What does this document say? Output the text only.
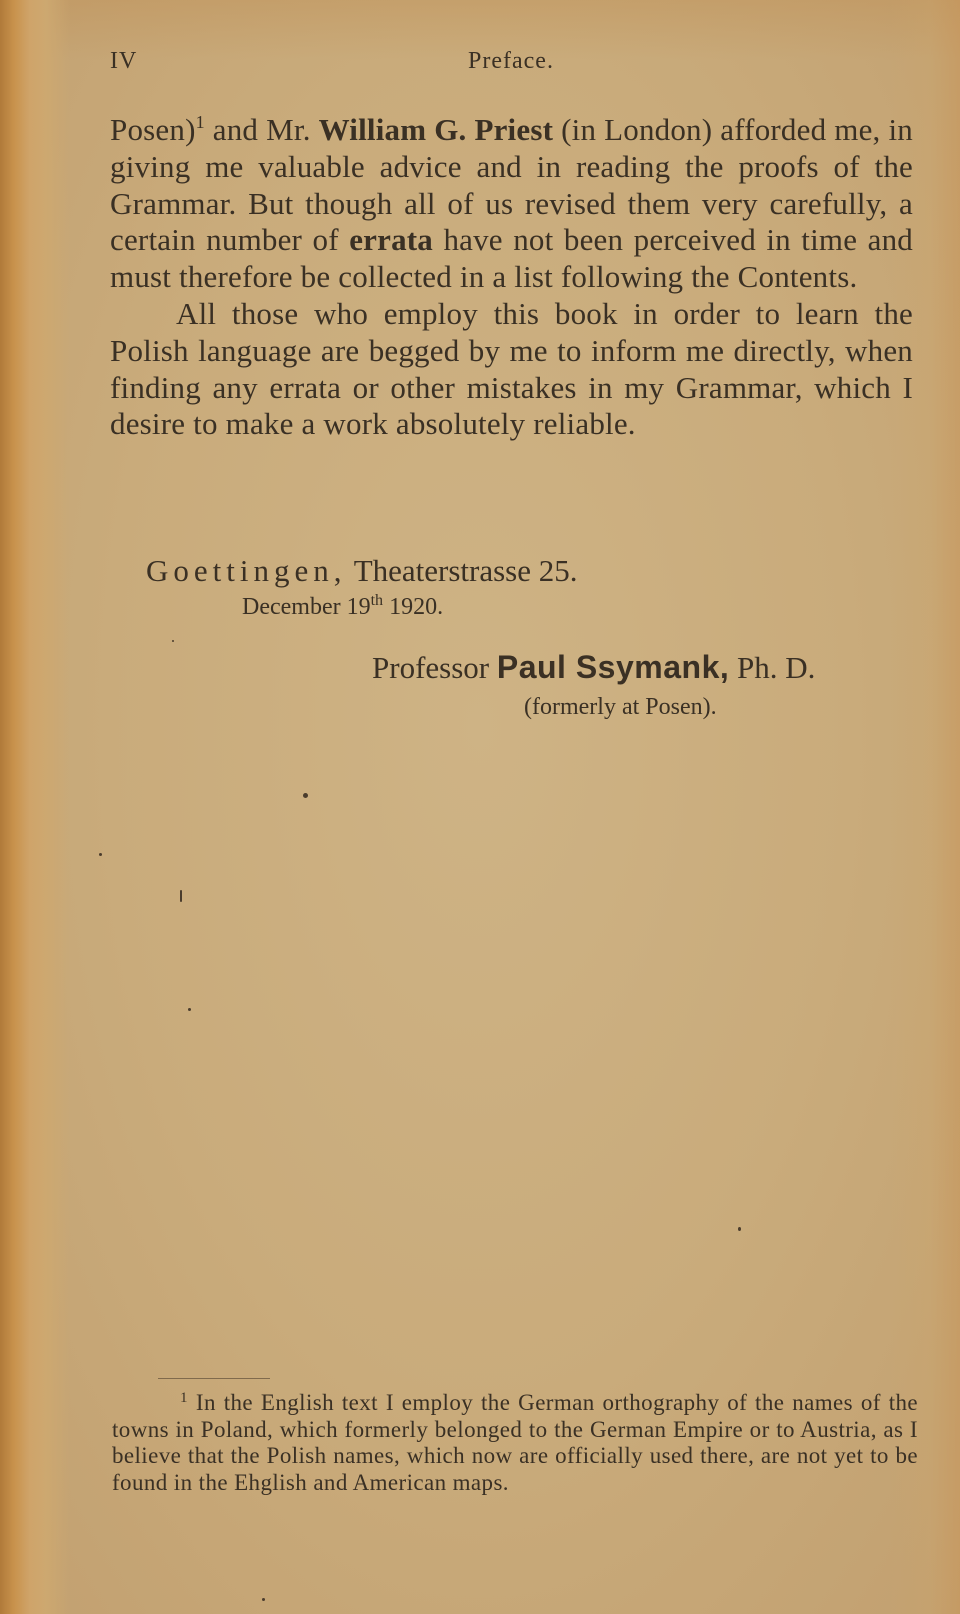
IV	Preface.

Posen)$^1$ and Mr. William G. Priest (in London) afforded me, in giving me valuable advice and in reading the proofs of the Grammar. But though all of us revised them very carefully, a certain number of errata have not been perceived in time and must therefore be collected in a list following the Contents.

All those who employ this book in order to learn the Polish language are begged by me to inform me directly, when finding any errata or other mistakes in my Grammar, which I desire to make a work absolutely reliable.

Goettingen, Theaterstrasse 25.
December 19th 1920.
Professor Paul Ssymank, Ph. D.
(formerly at Posen).
$^1$ In the English text I employ the German orthography of the names of the towns in Poland, which formerly belonged to the German Empire or to Austria, as I believe that the Polish names, which now are officially used there, are not yet to be found in the Ehglish and American maps.
